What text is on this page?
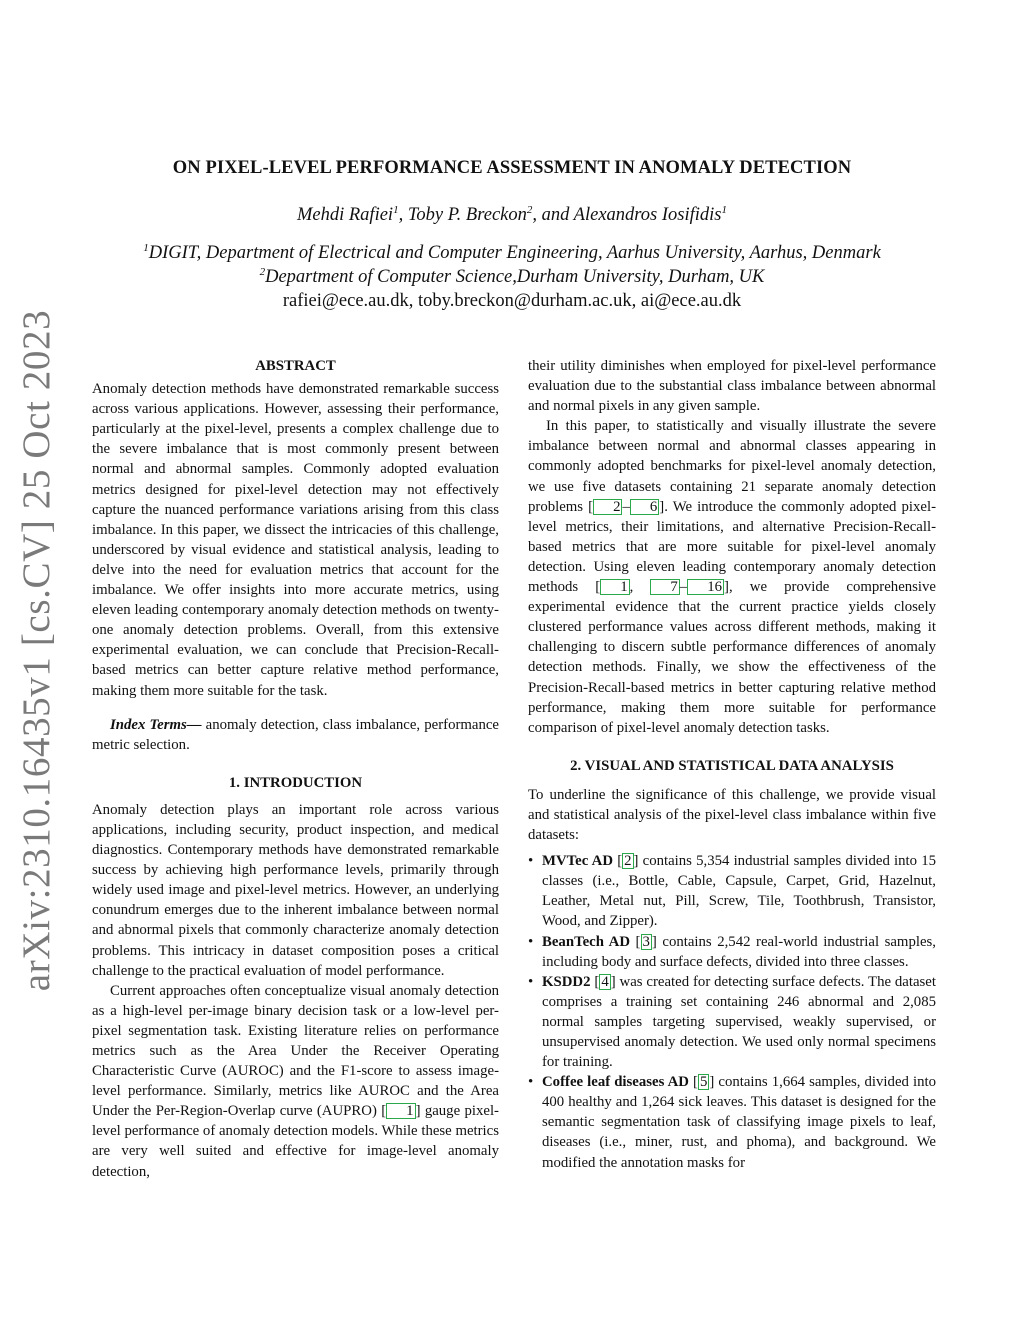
arXiv:2310.16435v1 [cs.CV] 25 Oct 2023
ON PIXEL-LEVEL PERFORMANCE ASSESSMENT IN ANOMALY DETECTION
Mehdi Rafiei$^1$, Toby P. Breckon$^2$, and Alexandros Iosifidis$^1$
$^1$DIGIT, Department of Electrical and Computer Engineering, Aarhus University, Aarhus, Denmark
$^2$Department of Computer Science,Durham University, Durham, UK
rafiei@ece.au.dk, toby.breckon@durham.ac.uk, ai@ece.au.dk
ABSTRACT

Anomaly detection methods have demonstrated remarkable success across various applications. However, assessing their performance, particularly at the pixel-level, presents a complex challenge due to the severe imbalance that is most commonly present between normal and abnormal samples. Commonly adopted evaluation metrics designed for pixel-level detection may not effectively capture the nuanced performance variations arising from this class imbalance. In this paper, we dissect the intricacies of this challenge, underscored by visual evidence and statistical analysis, leading to delve into the need for evaluation metrics that account for the imbalance. We offer insights into more accurate metrics, using eleven leading contemporary anomaly detection methods on twenty-one anomaly detection problems. Overall, from this extensive experimental evaluation, we can conclude that Precision-Recall-based metrics can better capture relative method performance, making them more suitable for the task.

Index Terms— anomaly detection, class imbalance, performance metric selection.

1. INTRODUCTION

Anomaly detection plays an important role across various applications, including security, product inspection, and medical diagnostics. Contemporary methods have demonstrated remarkable success by achieving high performance levels, primarily through widely used image and pixel-level metrics. However, an underlying conundrum emerges due to the inherent imbalance between normal and abnormal pixels that commonly characterize anomaly detection problems. This intricacy in dataset composition poses a critical challenge to the practical evaluation of model performance.

Current approaches often conceptualize visual anomaly detection as a high-level per-image binary decision task or a low-level per-pixel segmentation task. Existing literature relies on performance metrics such as the Area Under the Receiver Operating Characteristic Curve (AUROC) and the F1-score to assess image-level performance. Similarly, metrics like AUROC and the Area Under the Per-Region-Overlap curve (AUPRO) [ 1 ] gauge pixel-level performance of anomaly detection models. While these metrics are very well suited and effective for image-level anomaly detection,

their utility diminishes when employed for pixel-level performance evaluation due to the substantial class imbalance between abnormal and normal pixels in any given sample.

In this paper, to statistically and visually illustrate the severe imbalance between normal and abnormal classes appearing in commonly adopted benchmarks for pixel-level anomaly detection, we use five datasets containing 21 separate anomaly detection problems [ 2 – 6 ]. We introduce the commonly adopted pixel-level metrics, their limitations, and alternative Precision-Recall-based metrics that are more suitable for pixel-level anomaly detection. Using eleven leading contemporary anomaly detection methods [ 1 , 7 – 16 ], we provide comprehensive experimental evidence that the current practice yields closely clustered performance values across different methods, making it challenging to discern subtle performance differences of anomaly detection methods. Finally, we show the effectiveness of the Precision-Recall-based metrics in better capturing relative method performance, making them more suitable for performance comparison of pixel-level anomaly detection tasks.

2. VISUAL AND STATISTICAL DATA ANALYSIS

To underline the significance of this challenge, we provide visual and statistical analysis of the pixel-level class imbalance within five datasets:

• MVTec AD [ 2 ] contains 5,354 industrial samples divided into 15 classes (i.e., Bottle, Cable, Capsule, Carpet, Grid, Hazelnut, Leather, Metal nut, Pill, Screw, Tile, Toothbrush, Transistor, Wood, and Zipper).
• BeanTech AD [ 3 ] contains 2,542 real-world industrial samples, including body and surface defects, divided into three classes.
• KSDD2 [ 4 ] was created for detecting surface defects. The dataset comprises a training set containing 246 abnormal and 2,085 normal samples targeting supervised, weakly supervised, or unsupervised anomaly detection. We used only normal specimens for training.
• Coffee leaf diseases AD [ 5 ] contains 1,664 samples, divided into 400 healthy and 1,264 sick leaves. This dataset is designed for the semantic segmentation task of classifying image pixels to leaf, diseases (i.e., miner, rust, and phoma), and background. We modified the annotation masks for
